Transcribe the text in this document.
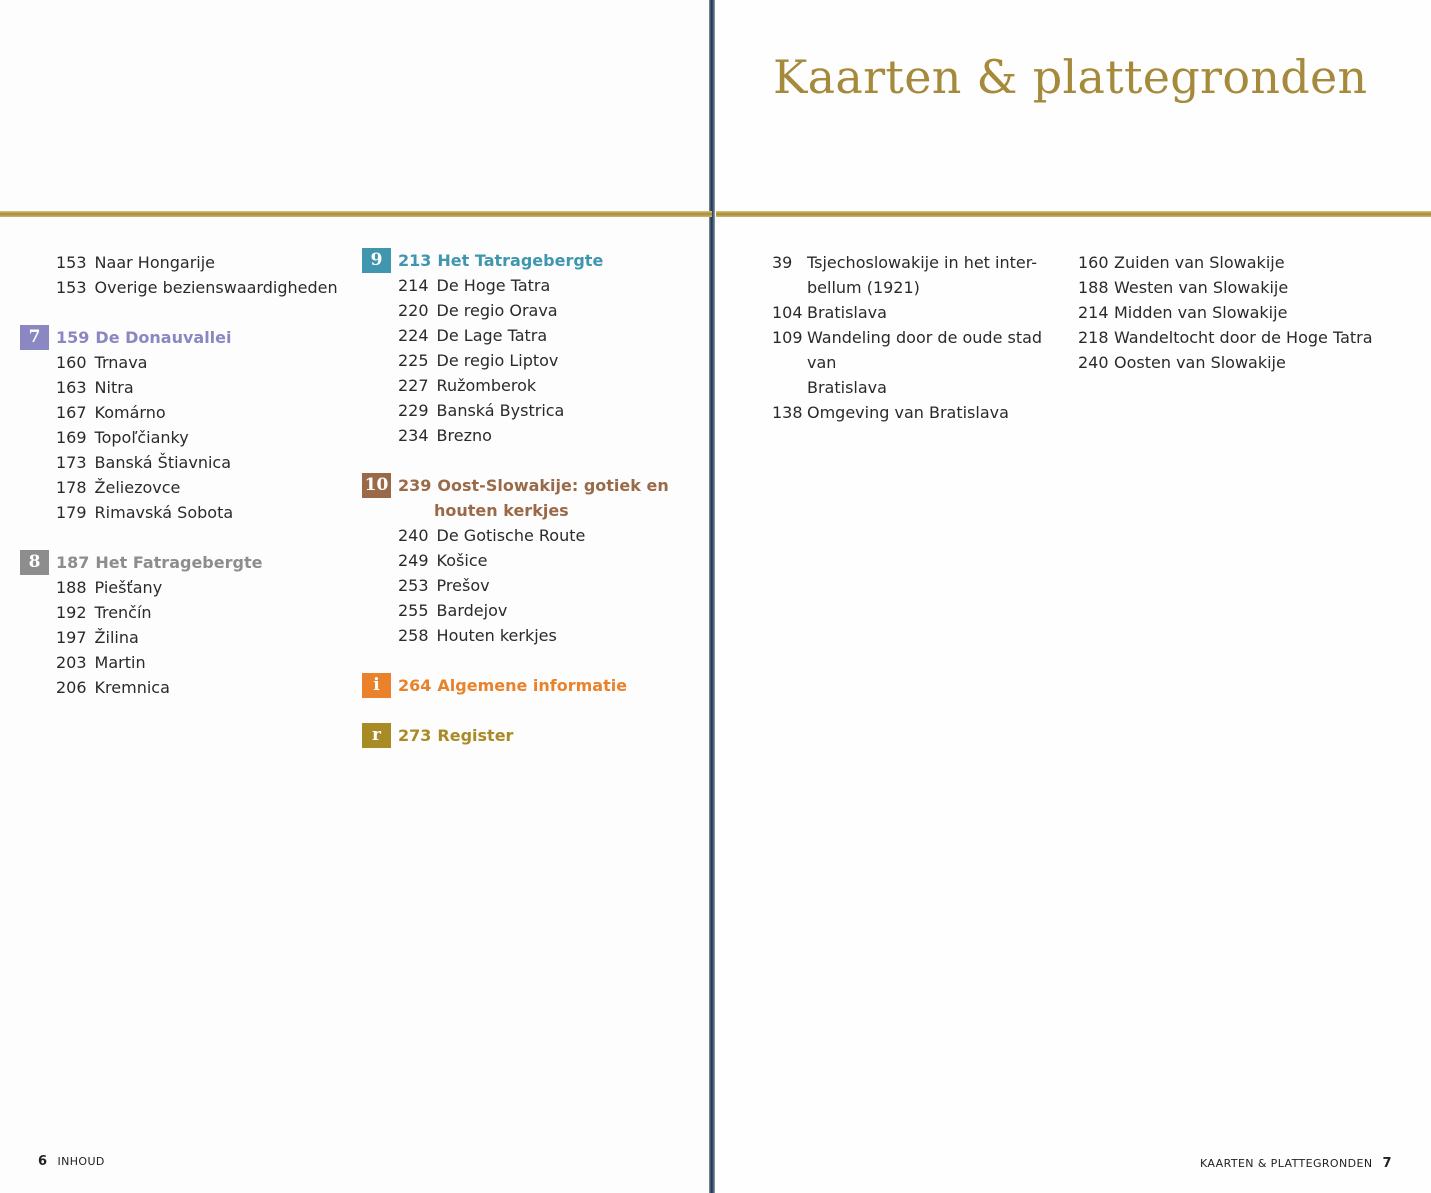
Kaarten & plattegronden
153 Naar Hongarije
153 Overige bezienswaardigheden
7 159 De Donauvallei
160 Trnava
163 Nitra
167 Komárno
169 Topoľčianky
173 Banská Štiavnica
178 Želiezovce
179 Rimavská Sobota
8 187 Het Fatragebergte
188 Piešťany
192 Trenčín
197 Žilina
203 Martin
206 Kremnica
9 213 Het Tatragebergte
214 De Hoge Tatra
220 De regio Orava
224 De Lage Tatra
225 De regio Liptov
227 Ružomberok
229 Banská Bystrica
234 Brezno
10 239 Oost-Slowakije: gotiek en
houten kerkjes
240 De Gotische Route
249 Košice
253 Prešov
255 Bardejov
258 Houten kerkjes
i 264 Algemene informatie
r 273 Register
39 Tsjechoslowakije in het inter-
bellum (1921)
104 Bratislava
109 Wandeling door de oude stad van
Bratislava
138 Omgeving van Bratislava
160 Zuiden van Slowakije
188 Westen van Slowakije
214 Midden van Slowakije
218 Wandeltocht door de Hoge Tatra
240 Oosten van Slowakije
6 INHOUD	KAARTEN & PLATTEGRONDEN 7
